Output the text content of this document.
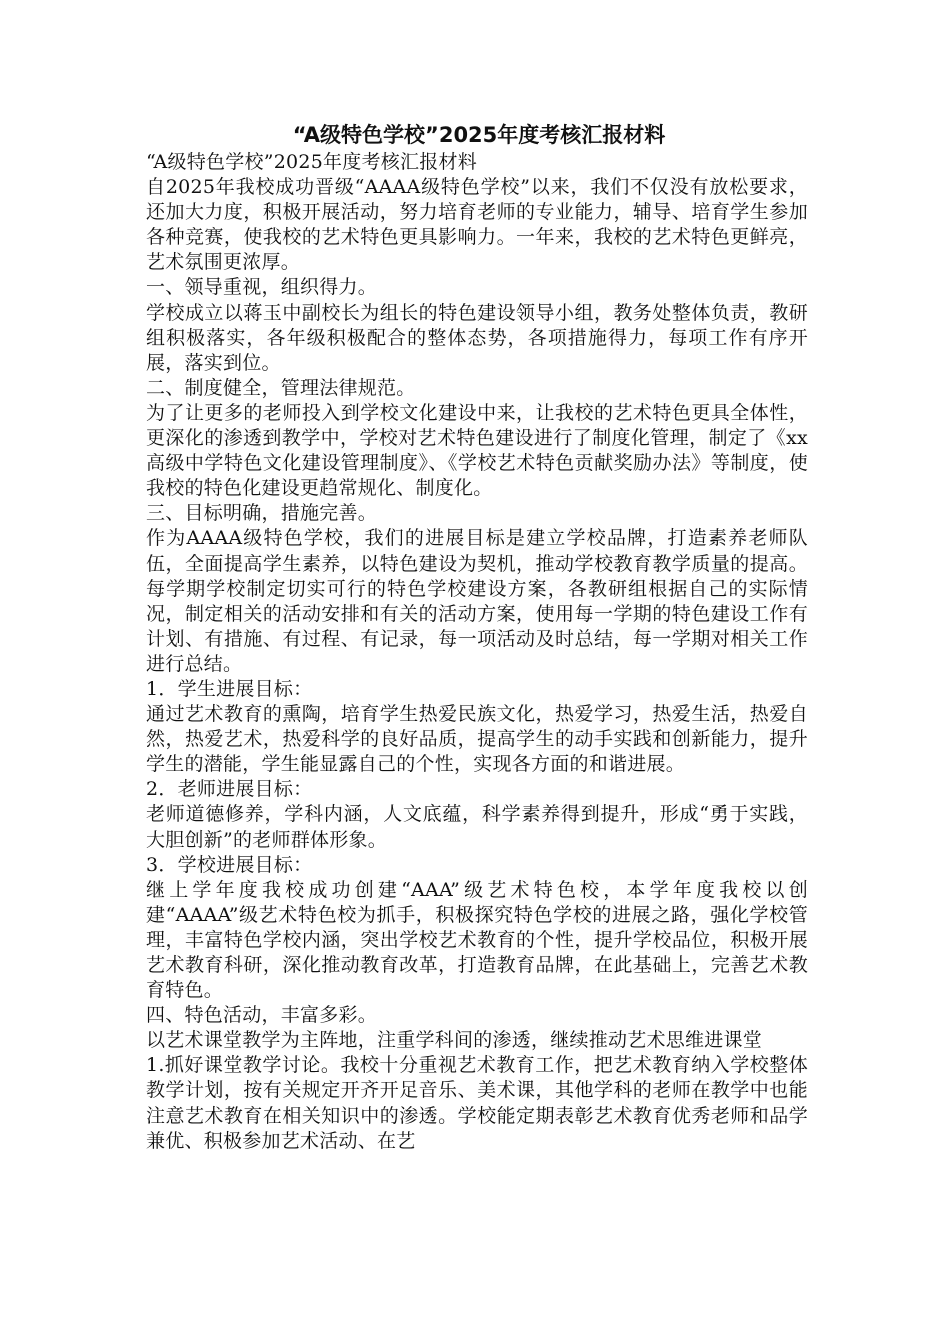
“A级特色学校”2025年度考核汇报材料

“A级特色学校”2025年度考核汇报材料

自2025年我校成功晋级“AAAA级特色学校”以来，我们不仅没有放松要求，还加大力度，积极开展活动，努力培育老师的专业能力，辅导、培育学生参加各种竞赛，使我校的艺术特色更具影响力。一年来，我校的艺术特色更鲜亮，艺术氛围更浓厚。

一、领导重视，组织得力。

学校成立以蒋玉中副校长为组长的特色建设领导小组，教务处整体负责，教研组积极落实，各年级积极配合的整体态势，各项措施得力，每项工作有序开展，落实到位。

二、制度健全，管理法律规范。

为了让更多的老师投入到学校文化建设中来，让我校的艺术特色更具全体性，更深化的渗透到教学中，学校对艺术特色建设进行了制度化管理，制定了《xx高级中学特色文化建设管理制度》、《学校艺术特色贡献奖励办法》等制度，使我校的特色化建设更趋常规化、制度化。

三、目标明确，措施完善。

作为AAAA级特色学校，我们的进展目标是建立学校品牌，打造素养老师队伍，全面提高学生素养，以特色建设为契机，推动学校教育教学质量的提高。每学期学校制定切实可行的特色学校建设方案，各教研组根据自己的实际情况，制定相关的活动安排和有关的活动方案，使用每一学期的特色建设工作有计划、有措施、有过程、有记录，每一项活动及时总结，每一学期对相关工作进行总结。

1．学生进展目标：

通过艺术教育的熏陶，培育学生热爱民族文化，热爱学习，热爱生活，热爱自然，热爱艺术，热爱科学的良好品质，提高学生的动手实践和创新能力，提升学生的潜能，学生能显露自己的个性，实现各方面的和谐进展。

2．老师进展目标：

老师道德修养，学科内涵，人文底蕴，科学素养得到提升，形成“勇于实践，大胆创新”的老师群体形象。

3．学校进展目标：

继上学年度我校成功创建“AAA”级艺术特色校，本学年度我校以创建“AAAA”级艺术特色校为抓手，积极探究特色学校的进展之路，强化学校管理，丰富特色学校内涵，突出学校艺术教育的个性，提升学校品位，积极开展艺术教育科研，深化推动教育改革，打造教育品牌，在此基础上，完善艺术教育特色。

四、特色活动，丰富多彩。

以艺术课堂教学为主阵地，注重学科间的渗透，继续推动艺术思维进课堂

1.抓好课堂教学讨论。我校十分重视艺术教育工作，把艺术教育纳入学校整体教学计划，按有关规定开齐开足音乐、美术课，其他学科的老师在教学中也能注意艺术教育在相关知识中的渗透。学校能定期表彰艺术教育优秀老师和品学兼优、积极参加艺术活动、在艺
